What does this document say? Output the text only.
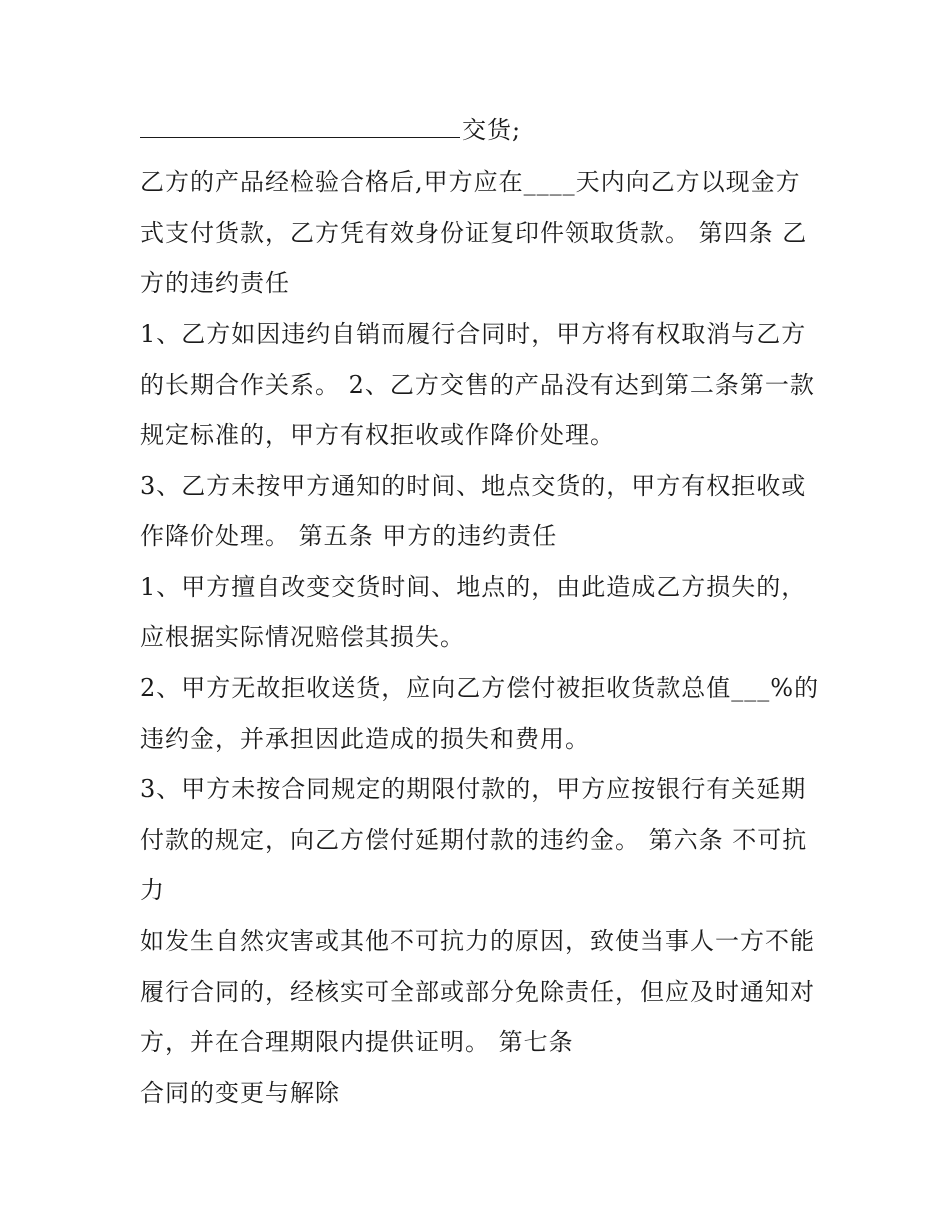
交货;
乙方的产品经检验合格后,甲方应在____天内向乙方以现金方
式支付货款，乙方凭有效身份证复印件领取货款。 第四条 乙
方的违约责任
1、乙方如因违约自销而履行合同时，甲方将有权取消与乙方
的长期合作关系。 2、乙方交售的产品没有达到第二条第一款
规定标准的，甲方有权拒收或作降价处理。
3、乙方未按甲方通知的时间、地点交货的，甲方有权拒收或
作降价处理。 第五条 甲方的违约责任
1、甲方擅自改变交货时间、地点的，由此造成乙方损失的，
应根据实际情况赔偿其损失。
2、甲方无故拒收送货，应向乙方偿付被拒收货款总值___%的
违约金，并承担因此造成的损失和费用。
3、甲方未按合同规定的期限付款的，甲方应按银行有关延期
付款的规定，向乙方偿付延期付款的违约金。 第六条 不可抗
力
如发生自然灾害或其他不可抗力的原因，致使当事人一方不能
履行合同的，经核实可全部或部分免除责任，但应及时通知对
方，并在合理期限内提供证明。 第七条
合同的变更与解除
